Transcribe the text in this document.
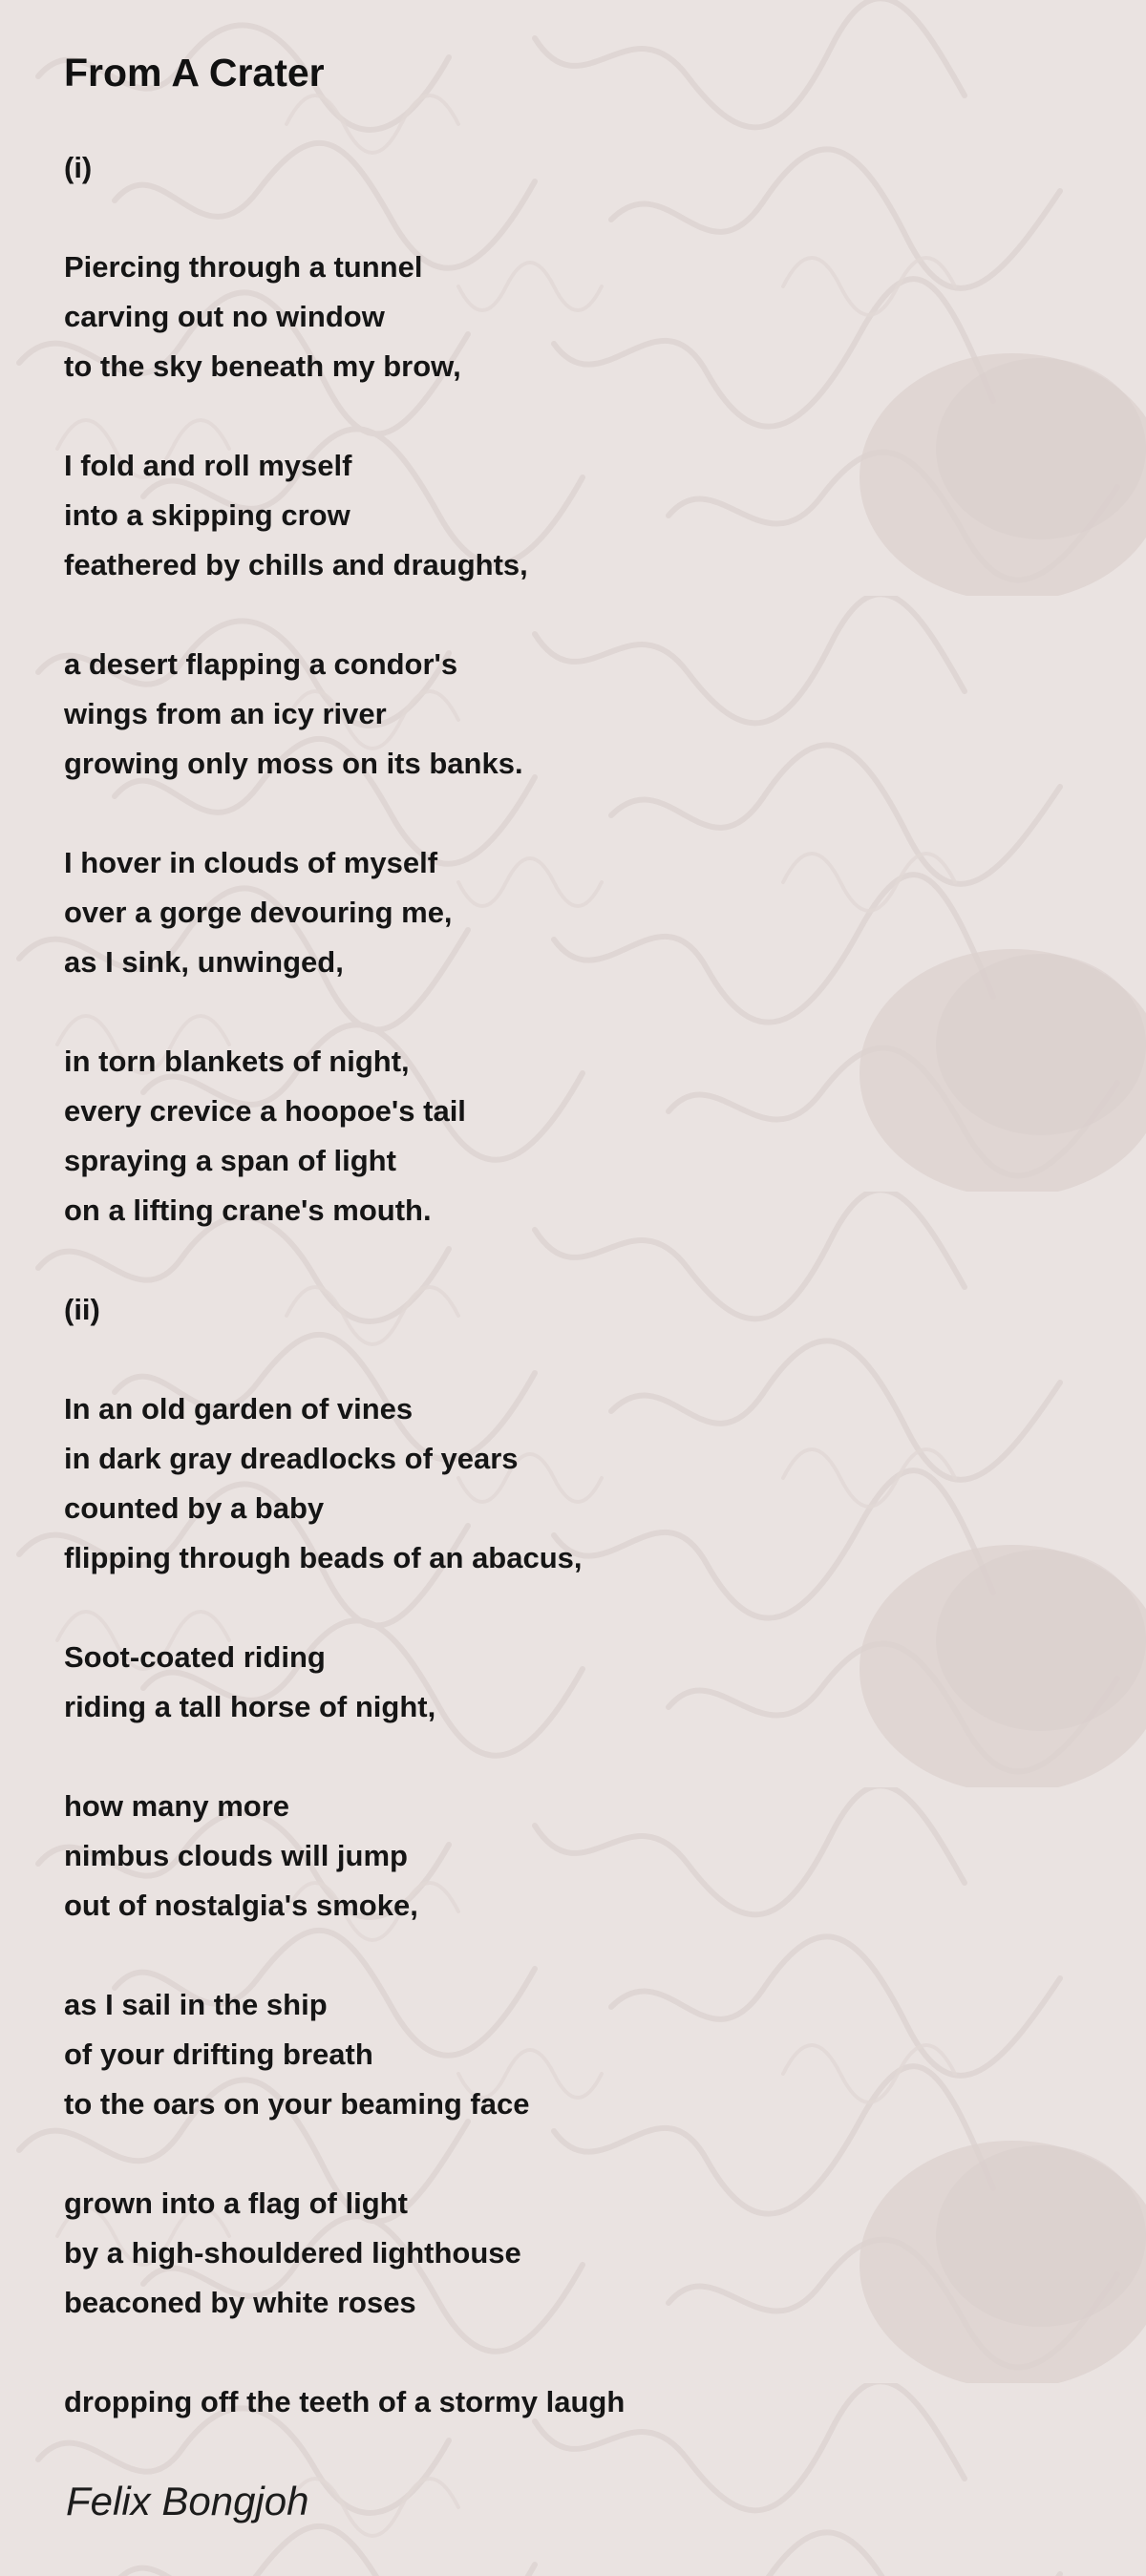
From A Crater
(i)
Piercing through a tunnel
carving out no window
to the sky beneath my brow,
I fold and roll myself
into a skipping crow
feathered by chills and draughts,
a desert flapping a condor's
wings from an icy river
growing only moss on its banks.
I hover in clouds of myself
over a gorge devouring me,
as I sink, unwinged,
in torn blankets of night,
every crevice a hoopoe's tail
spraying a span of light
on a lifting crane's mouth.
(ii)
In an old garden of vines
in dark gray dreadlocks of years
counted by a baby
flipping through beads of an abacus,
Soot-coated riding
riding a tall horse of night,
how many more
nimbus clouds will jump
out of nostalgia's smoke,
as I sail in the ship
of your drifting breath
to the oars on your beaming face
grown into a flag of light
by a high-shouldered lighthouse
beaconed by white roses
dropping off the teeth of a stormy laugh
Felix Bongjoh
